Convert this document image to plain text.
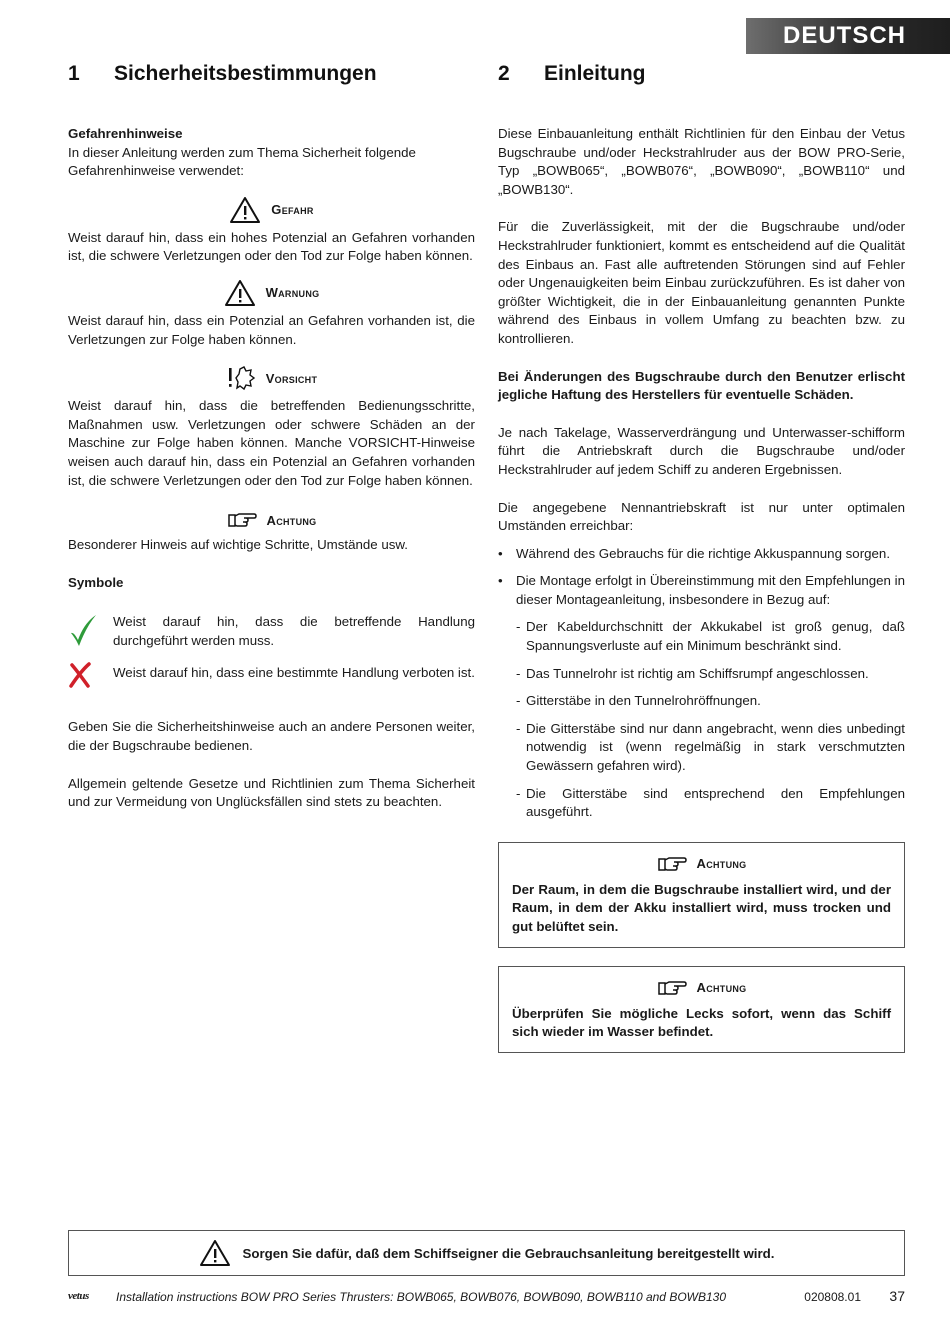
DEUTSCH
1	Sicherheitsbestimmungen

Gefahrenhinweise

In dieser Anleitung werden zum Thema Sicherheit folgende Gefahrenhinweise verwendet:

Gefahr

Weist darauf hin, dass ein hohes Potenzial an Gefahren vorhanden ist, die schwere Verletzungen oder den Tod zur Folge haben können.

Warnung

Weist darauf hin, dass ein Potenzial an Gefahren vorhanden ist, die Verletzungen zur Folge haben können.

Vorsicht

Weist darauf hin, dass die betreffenden Bedienungsschritte, Maßnahmen usw. Verletzungen oder schwere Schäden an der Maschine zur Folge haben können. Manche VORSICHT-Hinweise weisen auch darauf hin, dass ein Potenzial an Gefahren vorhanden ist, die schwere Verletzungen oder den Tod zur Folge haben können.

Achtung

Besonderer Hinweis auf wichtige Schritte, Umstände usw.

Symbole

Weist darauf hin, dass die betreffende Handlung durchgeführt werden muss.
Weist darauf hin, dass eine bestimmte Handlung verboten ist.

Geben Sie die Sicherheitshinweise auch an andere Personen weiter, die der Bugschraube bedienen.

Allgemein geltende Gesetze und Richtlinien zum Thema Sicherheit und zur Vermeidung von Unglücksfällen sind stets zu beachten.

2	Einleitung

Diese Einbauanleitung enthält Richtlinien für den Einbau der Vetus Bugschraube und/oder Heckstrahlruder aus der BOW PRO-Serie, Typ „BOWB065“, „BOWB076“, „BOWB090“, „BOWB110“ und „BOWB130“.

Für die Zuverlässigkeit, mit der die Bugschraube und/oder Heckstrahlruder funktioniert, kommt es entscheidend auf die Qualität des Einbaus an. Fast alle auftretenden Störungen sind auf Fehler oder Ungenauigkeiten beim Einbau zurückzuführen. Es ist daher von größter Wichtigkeit, die in der Einbauanleitung genannten Punkte während des Einbaus in vollem Umfang zu beachten bzw. zu kontrollieren.

Bei Änderungen des Bugschraube durch den Benutzer erlischt jegliche Haftung des Herstellers für eventuelle Schäden.

Je nach Takelage, Wasserverdrängung und Unterwasser-schifform führt die Antriebskraft durch die Bugschraube und/oder Heckstrahlruder auf jedem Schiff zu anderen Ergebnissen.

Die angegebene Nennantriebskraft ist nur unter optimalen Umständen erreichbar:

• Während des Gebrauchs für die richtige Akkuspannung sorgen.
• Die Montage erfolgt in Übereinstimmung mit den Empfehlungen in dieser Montageanleitung, insbesondere in Bezug auf:
- Der Kabeldurchschnitt der Akkukabel ist groß genug, daß Spannungsverluste auf ein Minimum beschränkt sind.
- Das Tunnelrohr ist richtig am Schiffsrumpf angeschlossen.
- Gitterstäbe in den Tunnelrohröffnungen.
- Die Gitterstäbe sind nur dann angebracht, wenn dies unbedingt notwendig ist (wenn regelmäßig in stark verschmutzten Gewässern gefahren wird).
- Die Gitterstäbe sind entsprechend den Empfehlungen ausgeführt.
Achtung

Der Raum, in dem die Bugschraube installiert wird, und der Raum, in dem der Akku installiert wird, muss trocken und gut belüftet sein.

Achtung

Überprüfen Sie mögliche Lecks sofort, wenn das Schiff sich wieder im Wasser befindet.

Sorgen Sie dafür, daß dem Schiffseigner die Gebrauchsanleitung bereitgestellt wird.
vetus Installation instructions BOW PRO Series Thrusters: BOWB065, BOWB076, BOWB090, BOWB110 and BOWB130	020808.01 37
